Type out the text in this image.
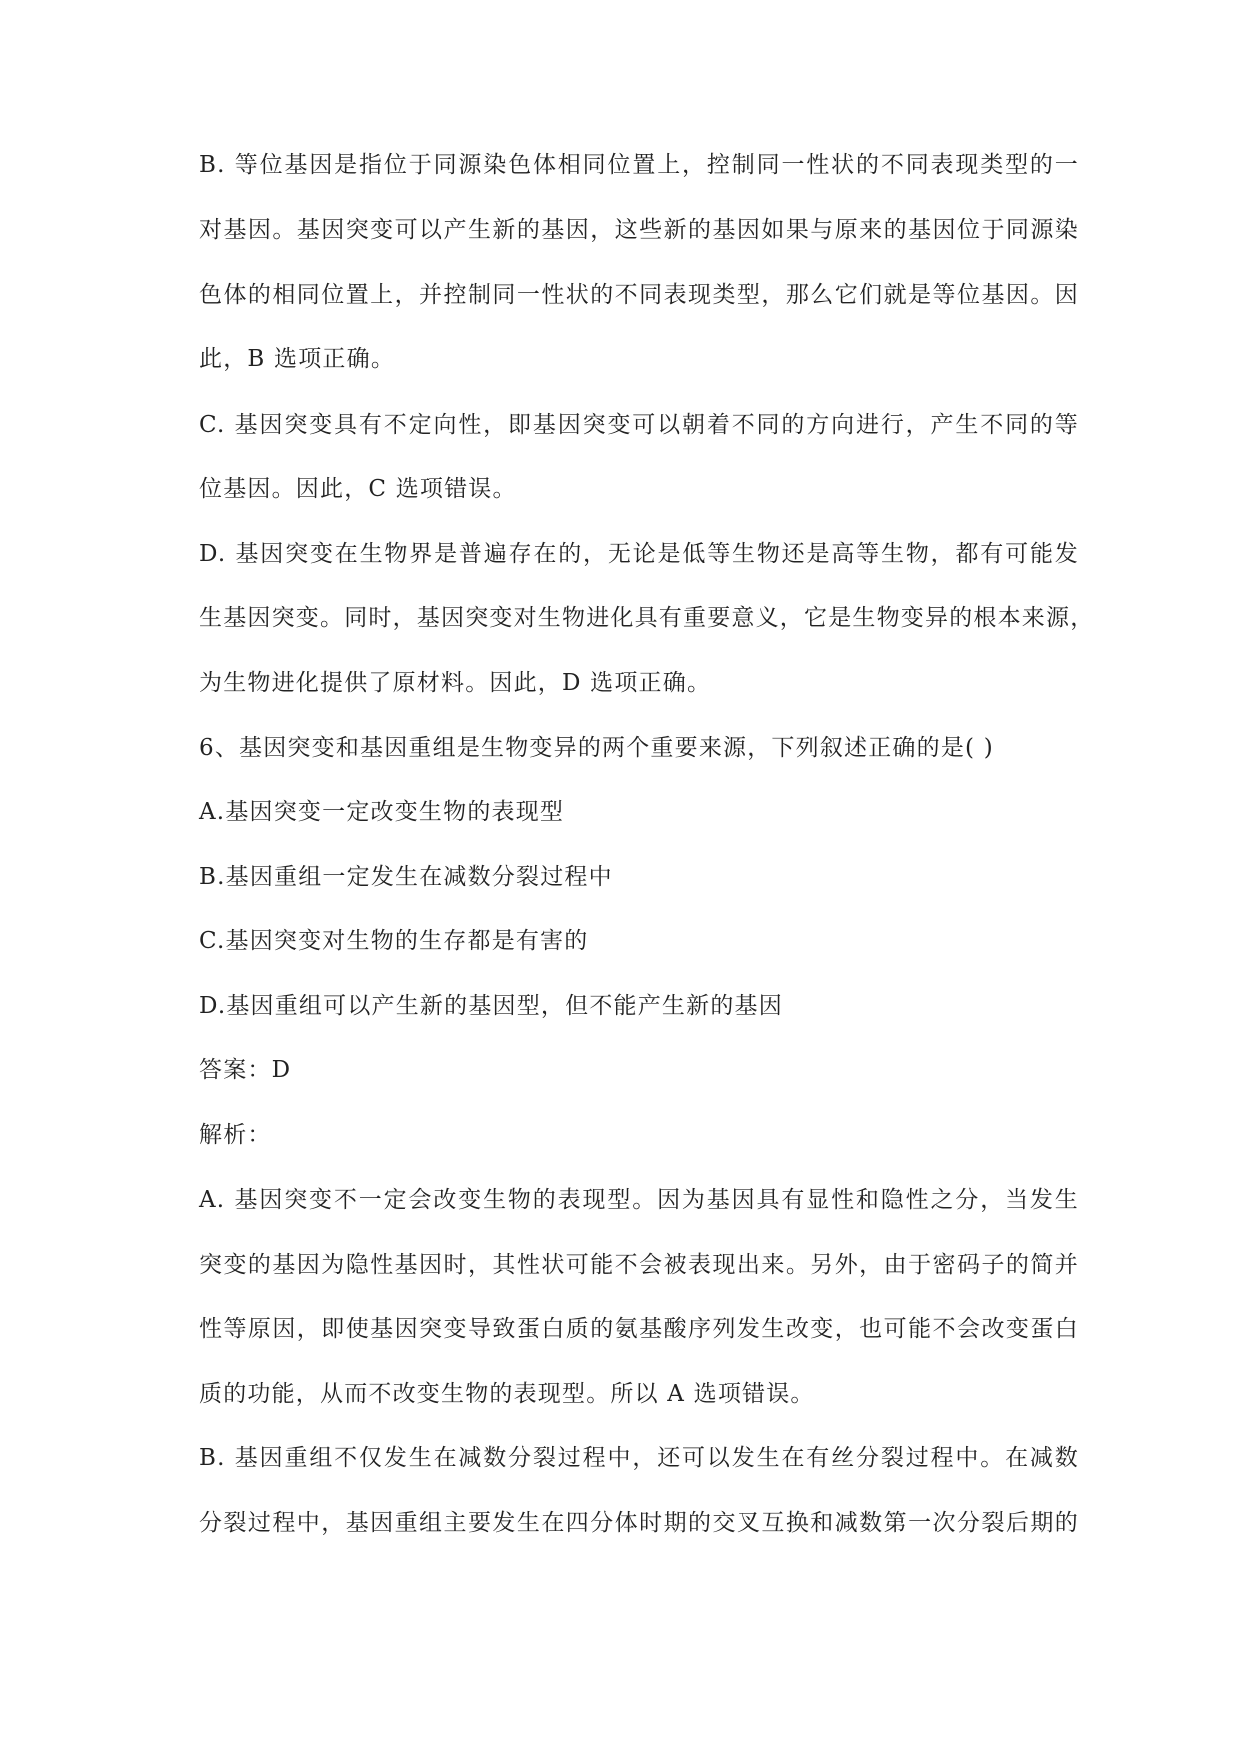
B. 等位基因是指位于同源染色体相同位置上，控制同一性状的不同表现类型的一
对基因。基因突变可以产生新的基因，这些新的基因如果与原来的基因位于同源染
色体的相同位置上，并控制同一性状的不同表现类型，那么它们就是等位基因。因
此，B 选项正确。
C. 基因突变具有不定向性，即基因突变可以朝着不同的方向进行，产生不同的等
位基因。因此，C 选项错误。
D. 基因突变在生物界是普遍存在的，无论是低等生物还是高等生物，都有可能发
生基因突变。同时，基因突变对生物进化具有重要意义，它是生物变异的根本来源，
为生物进化提供了原材料。因此，D 选项正确。
6、基因突变和基因重组是生物变异的两个重要来源，下列叙述正确的是( )
A.基因突变一定改变生物的表现型
B.基因重组一定发生在减数分裂过程中
C.基因突变对生物的生存都是有害的
D.基因重组可以产生新的基因型，但不能产生新的基因
答案：D
解析：
A. 基因突变不一定会改变生物的表现型。因为基因具有显性和隐性之分，当发生
突变的基因为隐性基因时，其性状可能不会被表现出来。另外，由于密码子的简并
性等原因，即使基因突变导致蛋白质的氨基酸序列发生改变，也可能不会改变蛋白
质的功能，从而不改变生物的表现型。所以 A 选项错误。
B. 基因重组不仅发生在减数分裂过程中，还可以发生在有丝分裂过程中。在减数
分裂过程中，基因重组主要发生在四分体时期的交叉互换和减数第一次分裂后期的
